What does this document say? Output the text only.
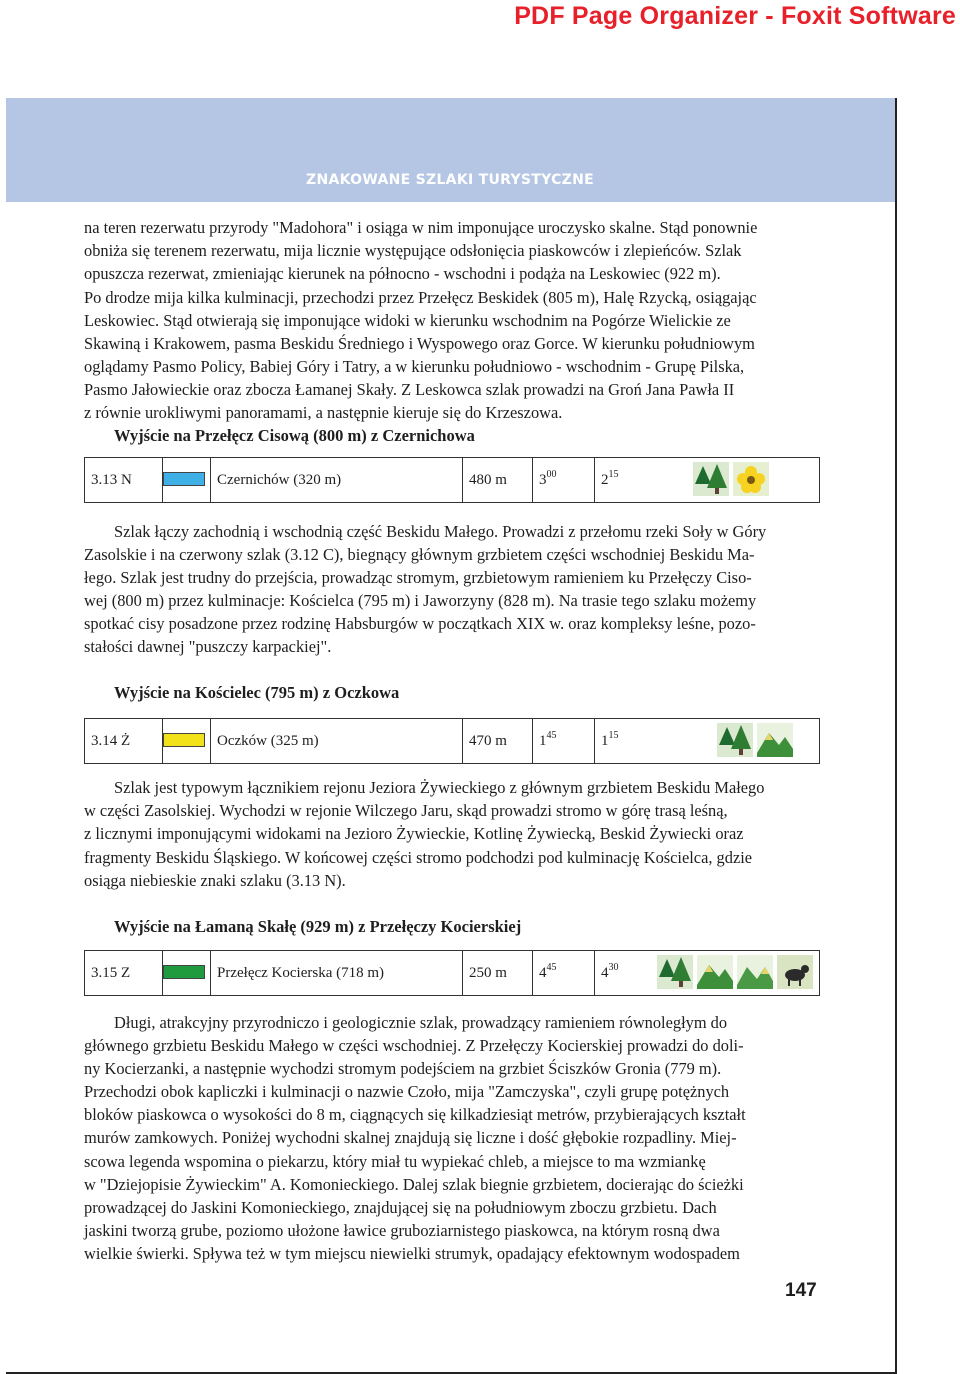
PDF Page Organizer - Foxit Software
ZNAKOWANE SZLAKI TURYSTYCZNE

na teren rezerwatu przyrody "Madohora" i osiąga w nim imponujące uroczysko skalne. Stąd ponownie

obniża się terenem rezerwatu, mija licznie występujące odsłonięcia piaskowców i zlepieńców. Szlak

opuszcza rezerwat, zmieniając kierunek na północno - wschodni i podąża na Leskowiec (922 m).

Po drodze mija kilka kulminacji, przechodzi przez Przełęcz Beskidek (805 m), Halę Rzycką, osiągając

Leskowiec. Stąd otwierają się imponujące widoki w kierunku wschodnim na Pogórze Wielickie ze

Skawiną i Krakowem, pasma Beskidu Średniego i Wyspowego oraz Gorce. W kierunku południowym

oglądamy Pasmo Policy, Babiej Góry i Tatry, a w kierunku południowo - wschodnim - Grupę Pilska,

Pasmo Jałowieckie oraz zbocza Łamanej Skały. Z Leskowca szlak prowadzi na Groń Jana Pawła II

z równie urokliwymi panoramami, a następnie kieruje się do Krzeszowa.

Wyjście na Przełęcz Cisową (800 m) z Czernichowa

3.13 N	Czernichów (320 m)	480 m	$3^{00}$	$2^{15}$

Szlak łączy zachodnią i wschodnią część Beskidu Małego. Prowadzi z przełomu rzeki Soły w Góry

Zasolskie i na czerwony szlak (3.12 C), biegnący głównym grzbietem części wschodniej Beskidu Ma-

łego. Szlak jest trudny do przejścia, prowadząc stromym, grzbietowym ramieniem ku Przełęczy Ciso-

wej (800 m) przez kulminacje: Kościelca (795 m) i Jaworzyny (828 m). Na trasie tego szlaku możemy

spotkać cisy posadzone przez rodzinę Habsburgów w początkach XIX w. oraz kompleksy leśne, pozo-

stałości dawnej "puszczy karpackiej".

Wyjście na Kościelec (795 m) z Oczkowa

3.14 Ż	Oczków (325 m)	470 m	$1^{45}$	$1^{15}$

Szlak jest typowym łącznikiem rejonu Jeziora Żywieckiego z głównym grzbietem Beskidu Małego

w części Zasolskiej. Wychodzi w rejonie Wilczego Jaru, skąd prowadzi stromo w górę trasą leśną,

z licznymi imponującymi widokami na Jezioro Żywieckie, Kotlinę Żywiecką, Beskid Żywiecki oraz

fragmenty Beskidu Śląskiego. W końcowej części stromo podchodzi pod kulminację Kościelca, gdzie

osiąga niebieskie znaki szlaku (3.13 N).

Wyjście na Łamaną Skałę (929 m) z Przełęczy Kocierskiej

3.15 Z	Przełęcz Kocierska (718 m)	250 m	$4^{45}$	$4^{30}$

Długi, atrakcyjny przyrodniczo i geologicznie szlak, prowadzący ramieniem równoległym do

głównego grzbietu Beskidu Małego w części wschodniej. Z Przełęczy Kocierskiej prowadzi do doli-

ny Kocierzanki, a następnie wychodzi stromym podejściem na grzbiet Ściszków Gronia (779 m).

Przechodzi obok kapliczki i kulminacji o nazwie Czoło, mija "Zamczyska", czyli grupę potężnych

bloków piaskowca o wysokości do 8 m, ciągnących się kilkadziesiąt metrów, przybierających kształt

murów zamkowych. Poniżej wychodni skalnej znajdują się liczne i dość głębokie rozpadliny. Miej-

scowa legenda wspomina o piekarzu, który miał tu wypiekać chleb, a miejsce to ma wzmiankę

w "Dziejopisie Żywieckim" A. Komonieckiego. Dalej szlak biegnie grzbietem, docierając do ścieżki

prowadzącej do Jaskini Komonieckiego, znajdującej się na południowym zboczu grzbietu. Dach

jaskini tworzą grube, poziomo ułożone ławice gruboziarnistego piaskowca, na którym rosną dwa

wielkie świerki. Spływa też w tym miejscu niewielki strumyk, opadający efektownym wodospadem

147
